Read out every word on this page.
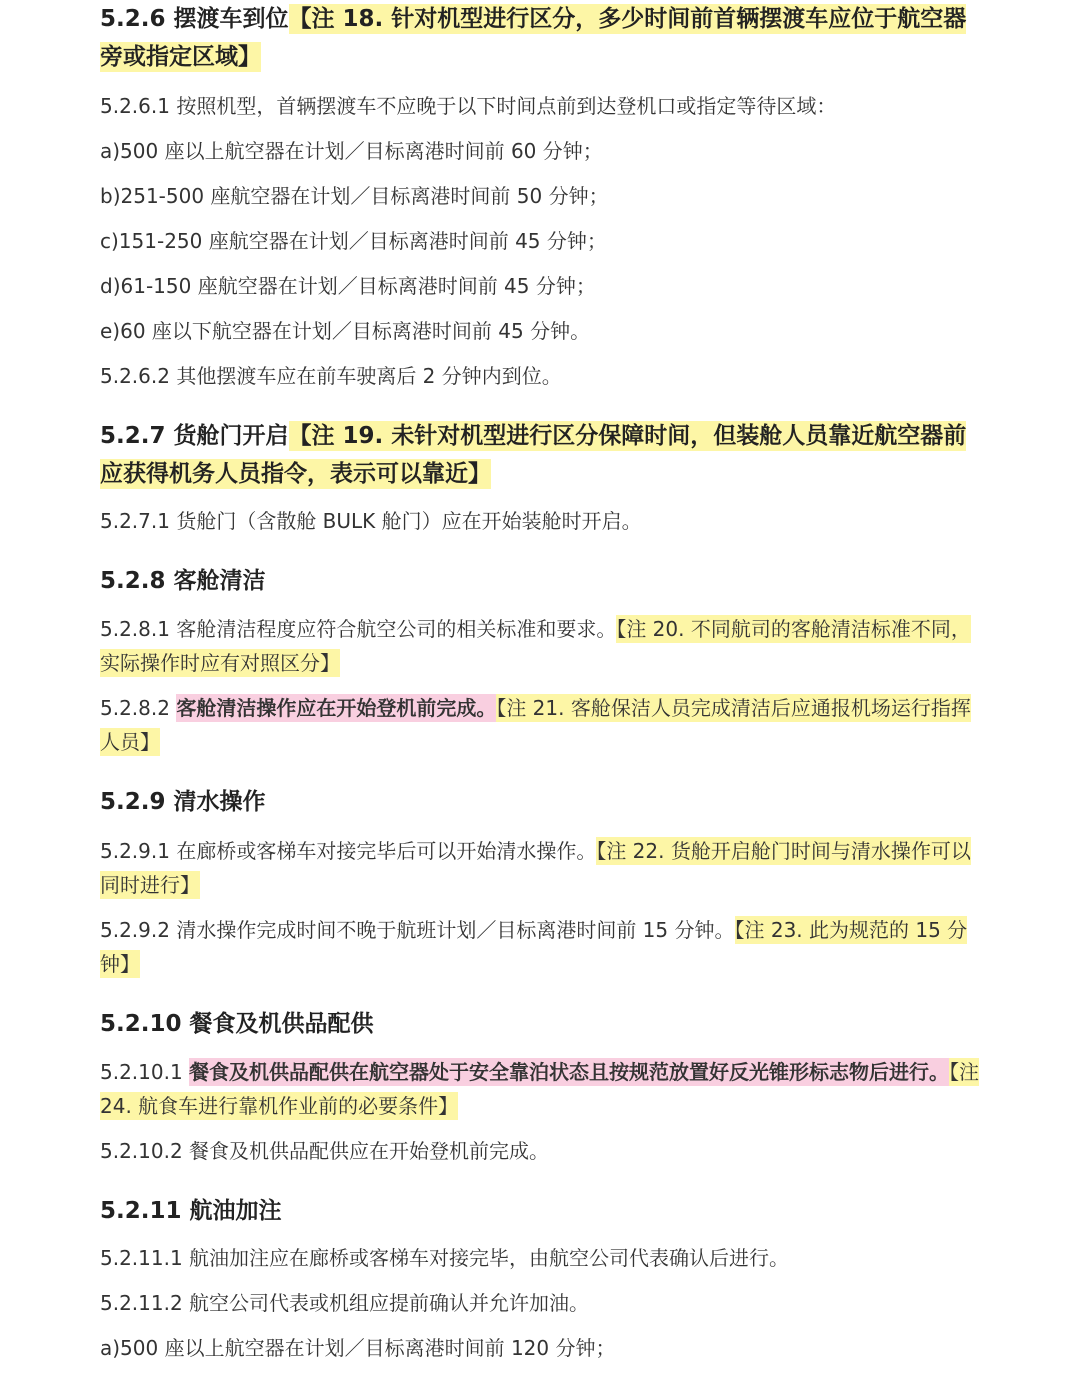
5.2.6 摆渡车到位【注 18. 针对机型进行区分，多少时间前首辆摆渡车应位于航空器旁或指定区域】

5.2.6.1 按照机型，首辆摆渡车不应晚于以下时间点前到达登机口或指定等待区域：

a)500 座以上航空器在计划／目标离港时间前 60 分钟；

b)251-500 座航空器在计划／目标离港时间前 50 分钟；

c)151-250 座航空器在计划／目标离港时间前 45 分钟；

d)61-150 座航空器在计划／目标离港时间前 45 分钟；

e)60 座以下航空器在计划／目标离港时间前 45 分钟。

5.2.6.2 其他摆渡车应在前车驶离后 2 分钟内到位。

5.2.7 货舱门开启【注 19. 未针对机型进行区分保障时间，但装舱人员靠近航空器前应获得机务人员指令，表示可以靠近】

5.2.7.1 货舱门（含散舱 BULK 舱门）应在开始装舱时开启。

5.2.8 客舱清洁

5.2.8.1 客舱清洁程度应符合航空公司的相关标准和要求。【注 20. 不同航司的客舱清洁标准不同，实际操作时应有对照区分】

5.2.8.2 客舱清洁操作应在开始登机前完成。【注 21. 客舱保洁人员完成清洁后应通报机场运行指挥人员】

5.2.9 清水操作

5.2.9.1 在廊桥或客梯车对接完毕后可以开始清水操作。【注 22. 货舱开启舱门时间与清水操作可以同时进行】

5.2.9.2 清水操作完成时间不晚于航班计划／目标离港时间前 15 分钟。【注 23. 此为规范的 15 分钟】

5.2.10 餐食及机供品配供

5.2.10.1 餐食及机供品配供在航空器处于安全靠泊状态且按规范放置好反光锥形标志物后进行。【注 24. 航食车进行靠机作业前的必要条件】

5.2.10.2 餐食及机供品配供应在开始登机前完成。

5.2.11 航油加注

5.2.11.1 航油加注应在廊桥或客梯车对接完毕，由航空公司代表确认后进行。

5.2.11.2 航空公司代表或机组应提前确认并允许加油。

a)500 座以上航空器在计划／目标离港时间前 120 分钟；
